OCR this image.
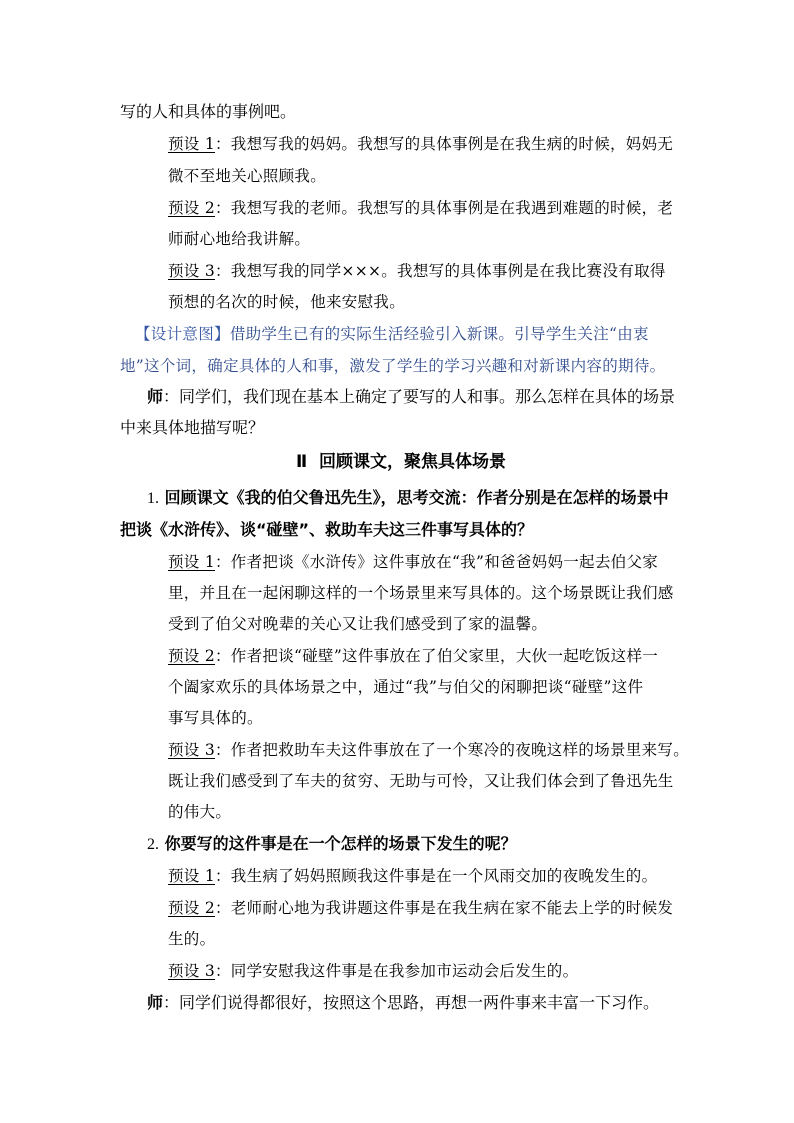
写的人和具体的事例吧。
预设 1：我想写我的妈妈。我想写的具体事例是在我生病的时候，妈妈无
微不至地关心照顾我。
预设 2：我想写我的老师。我想写的具体事例是在我遇到难题的时候，老
师耐心地给我讲解。
预设 3：我想写我的同学×××。我想写的具体事例是在我比赛没有取得
预想的名次的时候，他来安慰我。
【设计意图】借助学生已有的实际生活经验引入新课。引导学生关注“由衷
地”这个词，确定具体的人和事，激发了学生的学习兴趣和对新课内容的期待。
师：同学们，我们现在基本上确定了要写的人和事。那么怎样在具体的场景
中来具体地描写呢？
Ⅱ 回顾课文，聚焦具体场景
1. 回顾课文《我的伯父鲁迅先生》，思考交流：作者分别是在怎样的场景中
把谈《水浒传》、谈“碰壁”、救助车夫这三件事写具体的？
预设 1：作者把谈《水浒传》这件事放在“我”和爸爸妈妈一起去伯父家
里，并且在一起闲聊这样的一个场景里来写具体的。这个场景既让我们感
受到了伯父对晚辈的关心又让我们感受到了家的温馨。
预设 2：作者把谈“碰壁”这件事放在了伯父家里，大伙一起吃饭这样一
个阖家欢乐的具体场景之中，通过“我”与伯父的闲聊把谈“碰壁”这件
事写具体的。
预设 3：作者把救助车夫这件事放在了一个寒冷的夜晚这样的场景里来写。
既让我们感受到了车夫的贫穷、无助与可怜，又让我们体会到了鲁迅先生
的伟大。
2. 你要写的这件事是在一个怎样的场景下发生的呢？
预设 1：我生病了妈妈照顾我这件事是在一个风雨交加的夜晚发生的。
预设 2：老师耐心地为我讲题这件事是在我生病在家不能去上学的时候发
生的。
预设 3：同学安慰我这件事是在我参加市运动会后发生的。
师：同学们说得都很好，按照这个思路，再想一两件事来丰富一下习作。
